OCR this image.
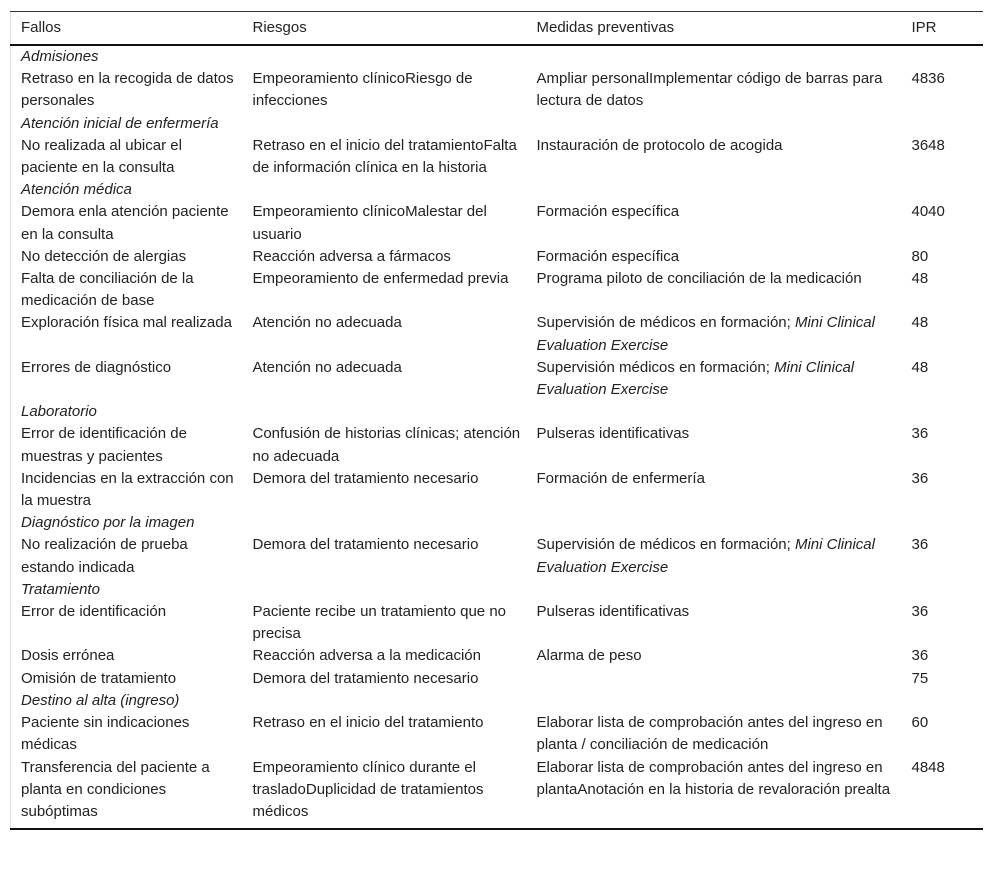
Fallos	Riesgos	Medidas preventivas	IPR
Admisiones			
Retraso en la recogida de datos personales	Empeoramiento clínicoRiesgo de infecciones	Ampliar personalImplementar código de barras para lectura de datos	4836
Atención inicial de enfermería			
No realizada al ubicar el paciente en la consulta	Retraso en el inicio del tratamientoFalta de información clínica en la historia	Instauración de protocolo de acogida	3648
Atención médica			
Demora enla atención paciente en la consulta	Empeoramiento clínicoMalestar del usuario	Formación específica	4040
No detección de alergias	Reacción adversa a fármacos	Formación específica	80
Falta de conciliación de la medicación de base	Empeoramiento de enfermedad previa	Programa piloto de conciliación de la medicación	48
Exploración física mal realizada	Atención no adecuada	Supervisión de médicos en formación; Mini Clinical Evaluation Exercise	48
Errores de diagnóstico	Atención no adecuada	Supervisión médicos en formación; Mini Clinical Evaluation Exercise	48
Laboratorio			
Error de identificación de muestras y pacientes	Confusión de historias clínicas; atención no adecuada	Pulseras identificativas	36
Incidencias en la extracción con la muestra	Demora del tratamiento necesario	Formación de enfermería	36
Diagnóstico por la imagen			
No realización de prueba estando indicada	Demora del tratamiento necesario	Supervisión de médicos en formación; Mini Clinical Evaluation Exercise	36
Tratamiento			
Error de identificación	Paciente recibe un tratamiento que no precisa	Pulseras identificativas	36
Dosis errónea	Reacción adversa a la medicación	Alarma de peso	36
Omisión de tratamiento	Demora del tratamiento necesario		75
Destino al alta (ingreso)			
Paciente sin indicaciones médicas	Retraso en el inicio del tratamiento	Elaborar lista de comprobación antes del ingreso en planta / conciliación de medicación	60
Transferencia del paciente a planta en condiciones subóptimas	Empeoramiento clínico durante el trasladoDuplicidad de tratamientos médicos	Elaborar lista de comprobación antes del ingreso en plantaAnotación en la historia de revaloración prealta	4848
